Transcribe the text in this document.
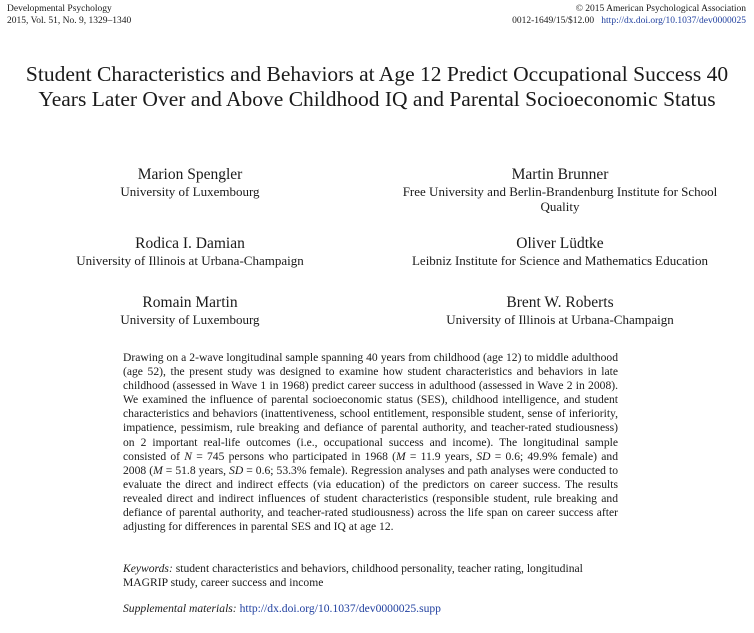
Developmental Psychology
2015, Vol. 51, No. 9, 1329–1340
© 2015 American Psychological Association
0012-1649/15/$12.00 http://dx.doi.org/10.1037/dev0000025
Student Characteristics and Behaviors at Age 12 Predict Occupational Success 40 Years Later Over and Above Childhood IQ and Parental Socioeconomic Status
Marion Spengler
University of Luxembourg
Martin Brunner
Free University and Berlin-Brandenburg Institute for School Quality
Rodica I. Damian
University of Illinois at Urbana-Champaign
Oliver Lüdtke
Leibniz Institute for Science and Mathematics Education
Romain Martin
University of Luxembourg
Brent W. Roberts
University of Illinois at Urbana-Champaign

Drawing on a 2-wave longitudinal sample spanning 40 years from childhood (age 12) to middle adulthood (age 52), the present study was designed to examine how student characteristics and behaviors in late childhood (assessed in Wave 1 in 1968) predict career success in adulthood (assessed in Wave 2 in 2008). We examined the influence of parental socioeconomic status (SES), childhood intelligence, and student characteristics and behaviors (inattentiveness, school entitlement, responsible student, sense of inferiority, impatience, pessimism, rule breaking and defiance of parental authority, and teacher-rated studiousness) on 2 important real-life outcomes (i.e., occupational success and income). The longitudinal sample consisted of N = 745 persons who participated in 1968 (M = 11.9 years, SD = 0.6; 49.9% female) and 2008 (M = 51.8 years, SD = 0.6; 53.3% female). Regression analyses and path analyses were conducted to evaluate the direct and indirect effects (via education) of the predictors on career success. The results revealed direct and indirect influences of student characteristics (responsible student, rule breaking and defiance of parental authority, and teacher-rated studiousness) across the life span on career success after adjusting for differences in parental SES and IQ at age 12.

Keywords: student characteristics and behaviors, childhood personality, teacher rating, longitudinal MAGRIP study, career success and income
Supplemental materials: http://dx.doi.org/10.1037/dev0000025.supp
